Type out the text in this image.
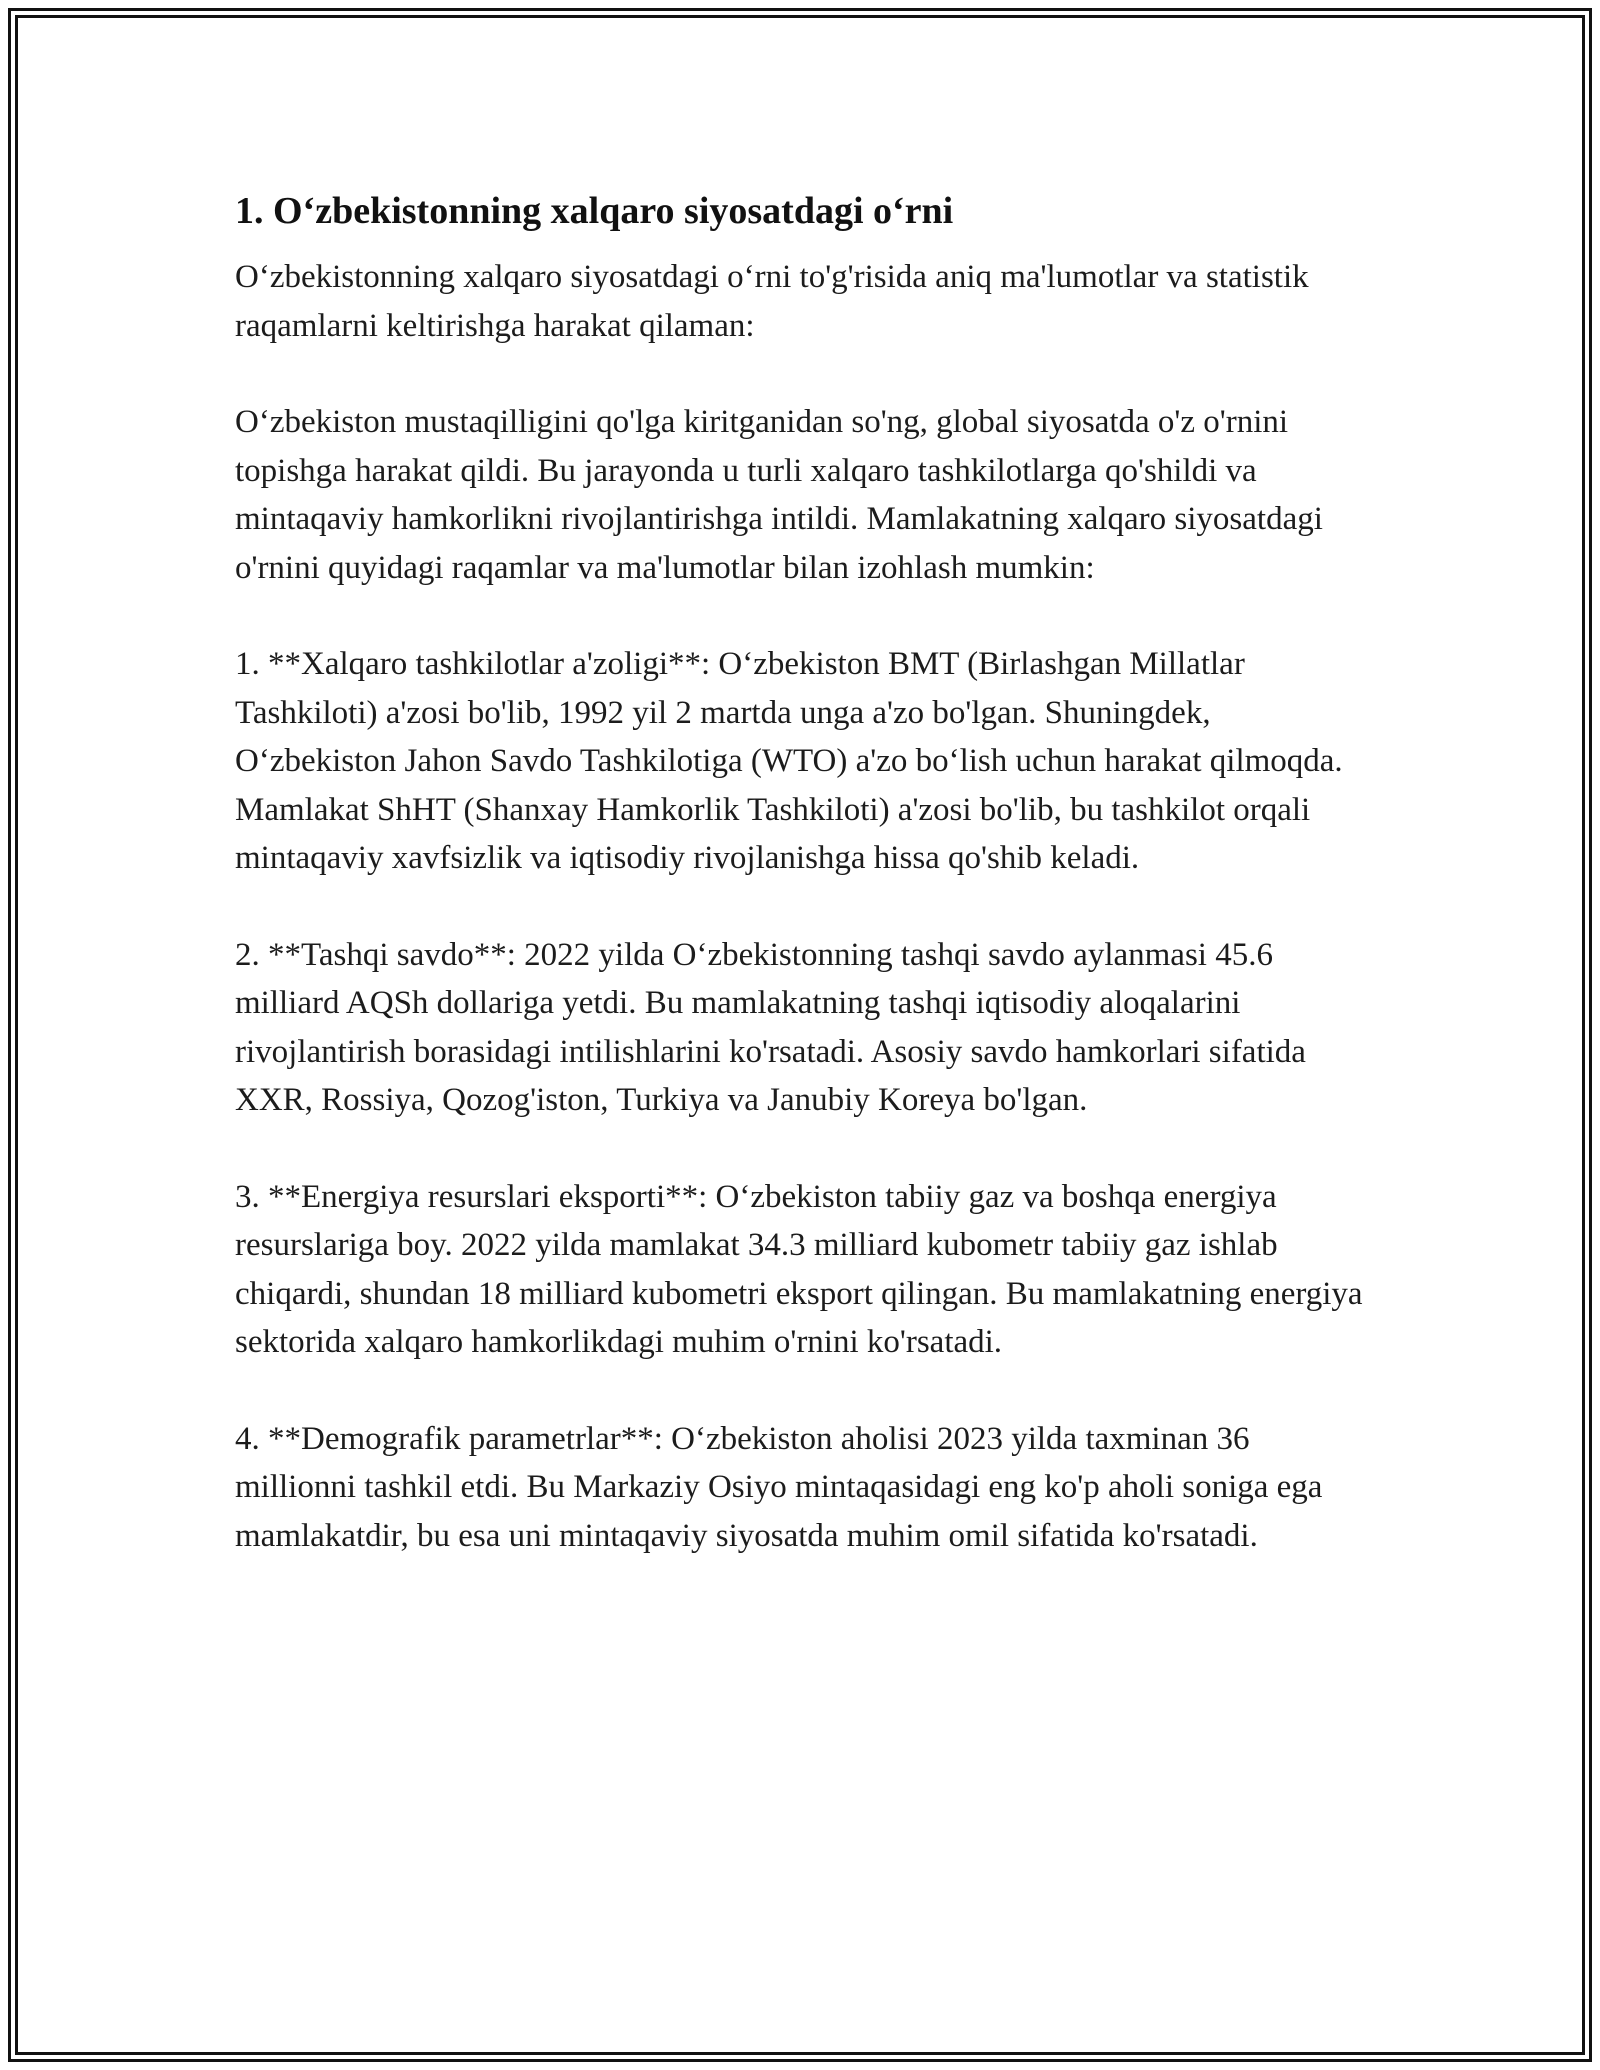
1. O‘zbekistonning xalqaro siyosatdagi o‘rni

O‘zbekistonning xalqaro siyosatdagi o‘rni to'g'risida aniq ma'lumotlar va statistik raqamlarni keltirishga harakat qilaman:

O‘zbekiston mustaqilligini qo'lga kiritganidan so'ng, global siyosatda o'z o'rnini topishga harakat qildi. Bu jarayonda u turli xalqaro tashkilotlarga qo'shildi va mintaqaviy hamkorlikni rivojlantirishga intildi. Mamlakatning xalqaro siyosatdagi o'rnini quyidagi raqamlar va ma'lumotlar bilan izohlash mumkin:

1. **Xalqaro tashkilotlar a'zoligi**: O‘zbekiston BMT (Birlashgan Millatlar Tashkiloti) a'zosi bo'lib, 1992 yil 2 martda unga a'zo bo'lgan. Shuningdek, O‘zbekiston Jahon Savdo Tashkilotiga (WTO) a'zo bo‘lish uchun harakat qilmoqda. Mamlakat ShHT (Shanxay Hamkorlik Tashkiloti) a'zosi bo'lib, bu tashkilot orqali mintaqaviy xavfsizlik va iqtisodiy rivojlanishga hissa qo'shib keladi.

2. **Tashqi savdo**: 2022 yilda O‘zbekistonning tashqi savdo aylanmasi 45.6 milliard AQSh dollariga yetdi. Bu mamlakatning tashqi iqtisodiy aloqalarini rivojlantirish borasidagi intilishlarini ko'rsatadi. Asosiy savdo hamkorlari sifatida XXR, Rossiya, Qozog'iston, Turkiya va Janubiy Koreya bo'lgan.

3. **Energiya resurslari eksporti**: O‘zbekiston tabiiy gaz va boshqa energiya resurslariga boy. 2022 yilda mamlakat 34.3 milliard kubometr tabiiy gaz ishlab chiqardi, shundan 18 milliard kubometri eksport qilingan. Bu mamlakatning energiya sektorida xalqaro hamkorlikdagi muhim o'rnini ko'rsatadi.

4. **Demografik parametrlar**: O‘zbekiston aholisi 2023 yilda taxminan 36 millionni tashkil etdi. Bu Markaziy Osiyo mintaqasidagi eng ko'p aholi soniga ega mamlakatdir, bu esa uni mintaqaviy siyosatda muhim omil sifatida ko'rsatadi.
